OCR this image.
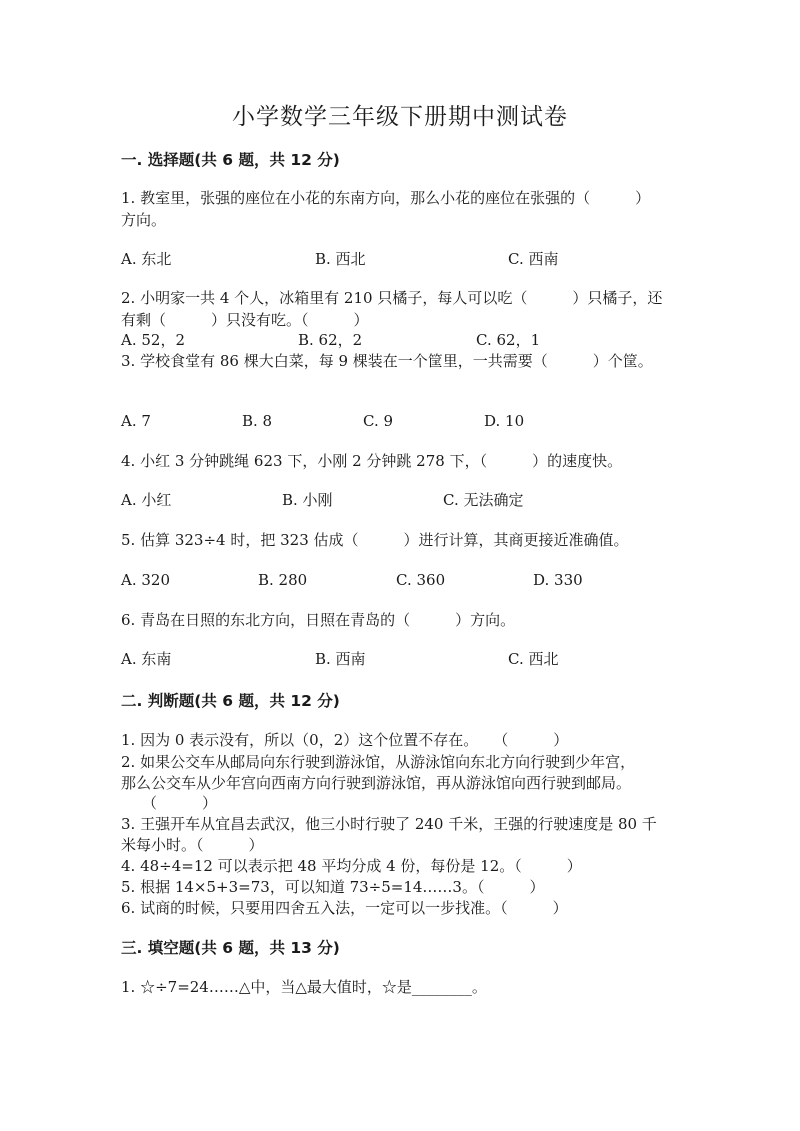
小学数学三年级下册期中测试卷
一. 选择题(共 6 题，共 12 分)
1. 教室里，张强的座位在小花的东南方向，那么小花的座位在张强的（　　　）
方向。
A. 东北	B. 西北	C. 西南
2. 小明家一共 4 个人，冰箱里有 210 只橘子，每人可以吃（　　　）只橘子，还
有剩（　　　）只没有吃。（　　　）
A. 52，2	B. 62，2	C. 62，1
3. 学校食堂有 86 棵大白菜，每 9 棵装在一个筐里，一共需要（　　　）个筐。
A. 7	B. 8	C. 9	D. 10
4. 小红 3 分钟跳绳 623 下，小刚 2 分钟跳 278 下，（　　　）的速度快。
A. 小红	B. 小刚	C. 无法确定
5. 估算 323÷4 时，把 323 估成（　　　）进行计算，其商更接近准确值。
A. 320	B. 280	C. 360	D. 330
6. 青岛在日照的东北方向，日照在青岛的（　　　）方向。
A. 东南	B. 西南	C. 西北
二. 判断题(共 6 题，共 12 分)
1. 因为 0 表示没有，所以（0，2）这个位置不存在。　　（　　　）
2. 如果公交车从邮局向东行驶到游泳馆，从游泳馆向东北方向行驶到少年宫，
那么公交车从少年宫向西南方向行驶到游泳馆，再从游泳馆向西行驶到邮局。
（　　　）
3. 王强开车从宜昌去武汉，他三小时行驶了 240 千米，王强的行驶速度是 80 千
米每小时。（　　　）
4. 48÷4=12 可以表示把 48 平均分成 4 份，每份是 12。（　　　）
5. 根据 14×5+3=73，可以知道 73÷5=14……3。（　　　）
6. 试商的时候，只要用四舍五入法，一定可以一步找准。（　　　）
三. 填空题(共 6 题，共 13 分)
1. ☆÷7=24……△中，当△最大值时，☆是________。
